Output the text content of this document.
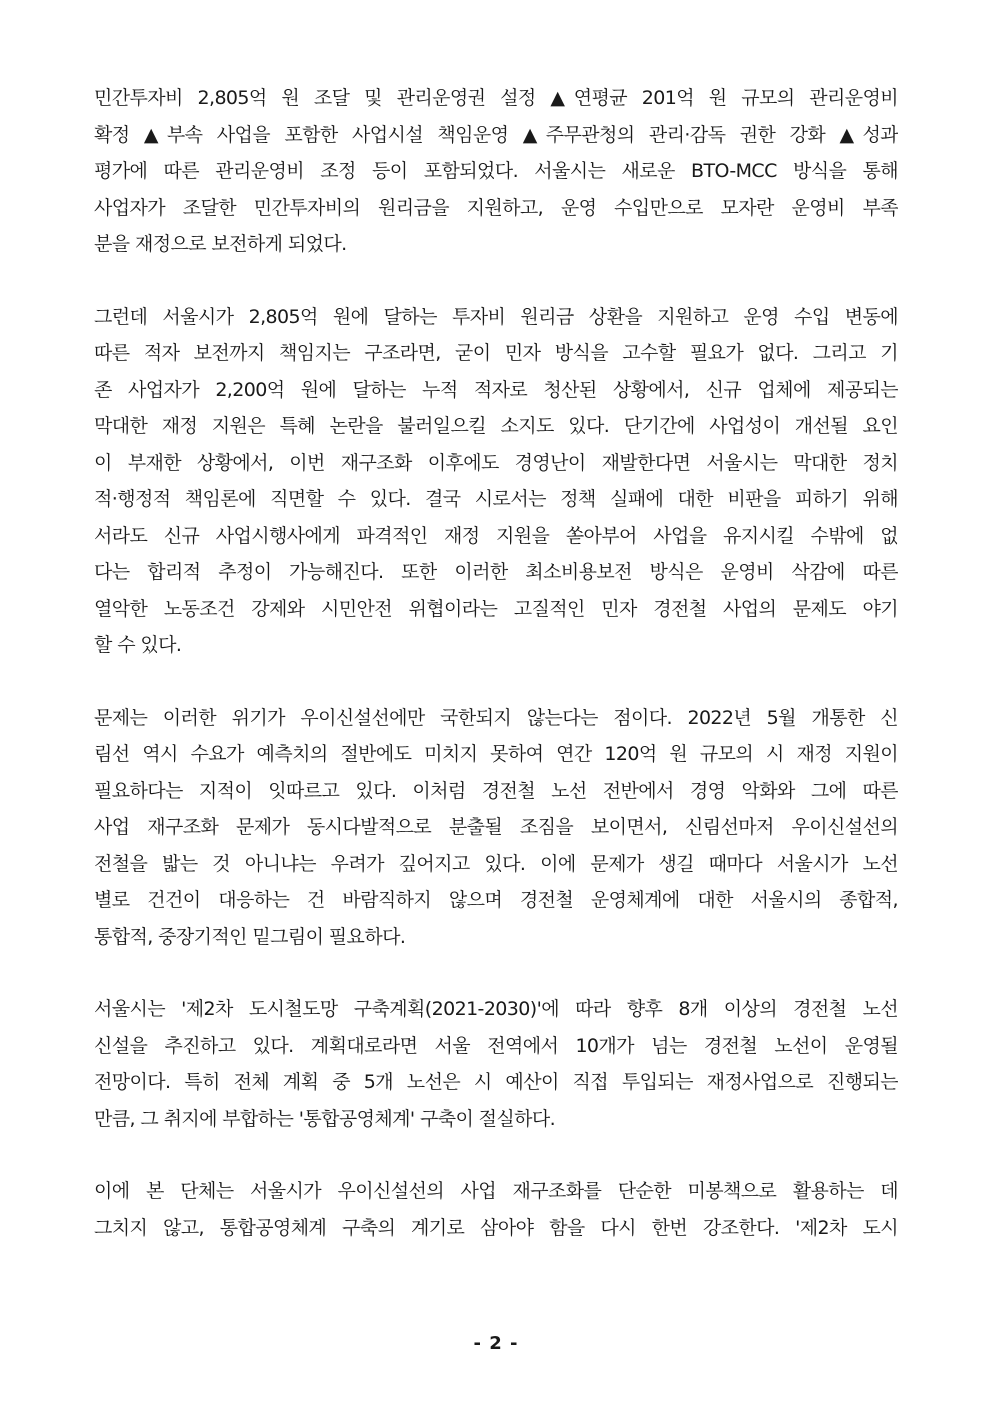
민간투자비 2,805억 원 조달 및 관리운영권 설정 ▲연평균 201억 원 규모의 관리운영비
확정 ▲부속 사업을 포함한 사업시설 책임운영 ▲주무관청의 관리·감독 권한 강화 ▲성과
평가에 따른 관리운영비 조정 등이 포함되었다. 서울시는 새로운 BTO-MCC 방식을 통해
사업자가 조달한 민간투자비의 원리금을 지원하고, 운영 수입만으로 모자란 운영비 부족
분을 재정으로 보전하게 되었다.
그런데 서울시가 2,805억 원에 달하는 투자비 원리금 상환을 지원하고 운영 수입 변동에
따른 적자 보전까지 책임지는 구조라면, 굳이 민자 방식을 고수할 필요가 없다. 그리고 기
존 사업자가 2,200억 원에 달하는 누적 적자로 청산된 상황에서, 신규 업체에 제공되는
막대한 재정 지원은 특혜 논란을 불러일으킬 소지도 있다. 단기간에 사업성이 개선될 요인
이 부재한 상황에서, 이번 재구조화 이후에도 경영난이 재발한다면 서울시는 막대한 정치
적·행정적 책임론에 직면할 수 있다. 결국 시로서는 정책 실패에 대한 비판을 피하기 위해
서라도 신규 사업시행사에게 파격적인 재정 지원을 쏟아부어 사업을 유지시킬 수밖에 없
다는 합리적 추정이 가능해진다. 또한 이러한 최소비용보전 방식은 운영비 삭감에 따른
열악한 노동조건 강제와 시민안전 위협이라는 고질적인 민자 경전철 사업의 문제도 야기
할 수 있다.
문제는 이러한 위기가 우이신설선에만 국한되지 않는다는 점이다. 2022년 5월 개통한 신
림선 역시 수요가 예측치의 절반에도 미치지 못하여 연간 120억 원 규모의 시 재정 지원이
필요하다는 지적이 잇따르고 있다. 이처럼 경전철 노선 전반에서 경영 악화와 그에 따른
사업 재구조화 문제가 동시다발적으로 분출될 조짐을 보이면서, 신림선마저 우이신설선의
전철을 밟는 것 아니냐는 우려가 깊어지고 있다. 이에 문제가 생길 때마다 서울시가 노선
별로 건건이 대응하는 건 바람직하지 않으며 경전철 운영체계에 대한 서울시의 종합적,
통합적, 중장기적인 밑그림이 필요하다.
서울시는 '제2차 도시철도망 구축계획(2021-2030)'에 따라 향후 8개 이상의 경전철 노선
신설을 추진하고 있다. 계획대로라면 서울 전역에서 10개가 넘는 경전철 노선이 운영될
전망이다. 특히 전체 계획 중 5개 노선은 시 예산이 직접 투입되는 재정사업으로 진행되는
만큼, 그 취지에 부합하는 '통합공영체계' 구축이 절실하다.
이에 본 단체는 서울시가 우이신설선의 사업 재구조화를 단순한 미봉책으로 활용하는 데
그치지 않고, 통합공영체계 구축의 계기로 삼아야 함을 다시 한번 강조한다. '제2차 도시
- 2 -
